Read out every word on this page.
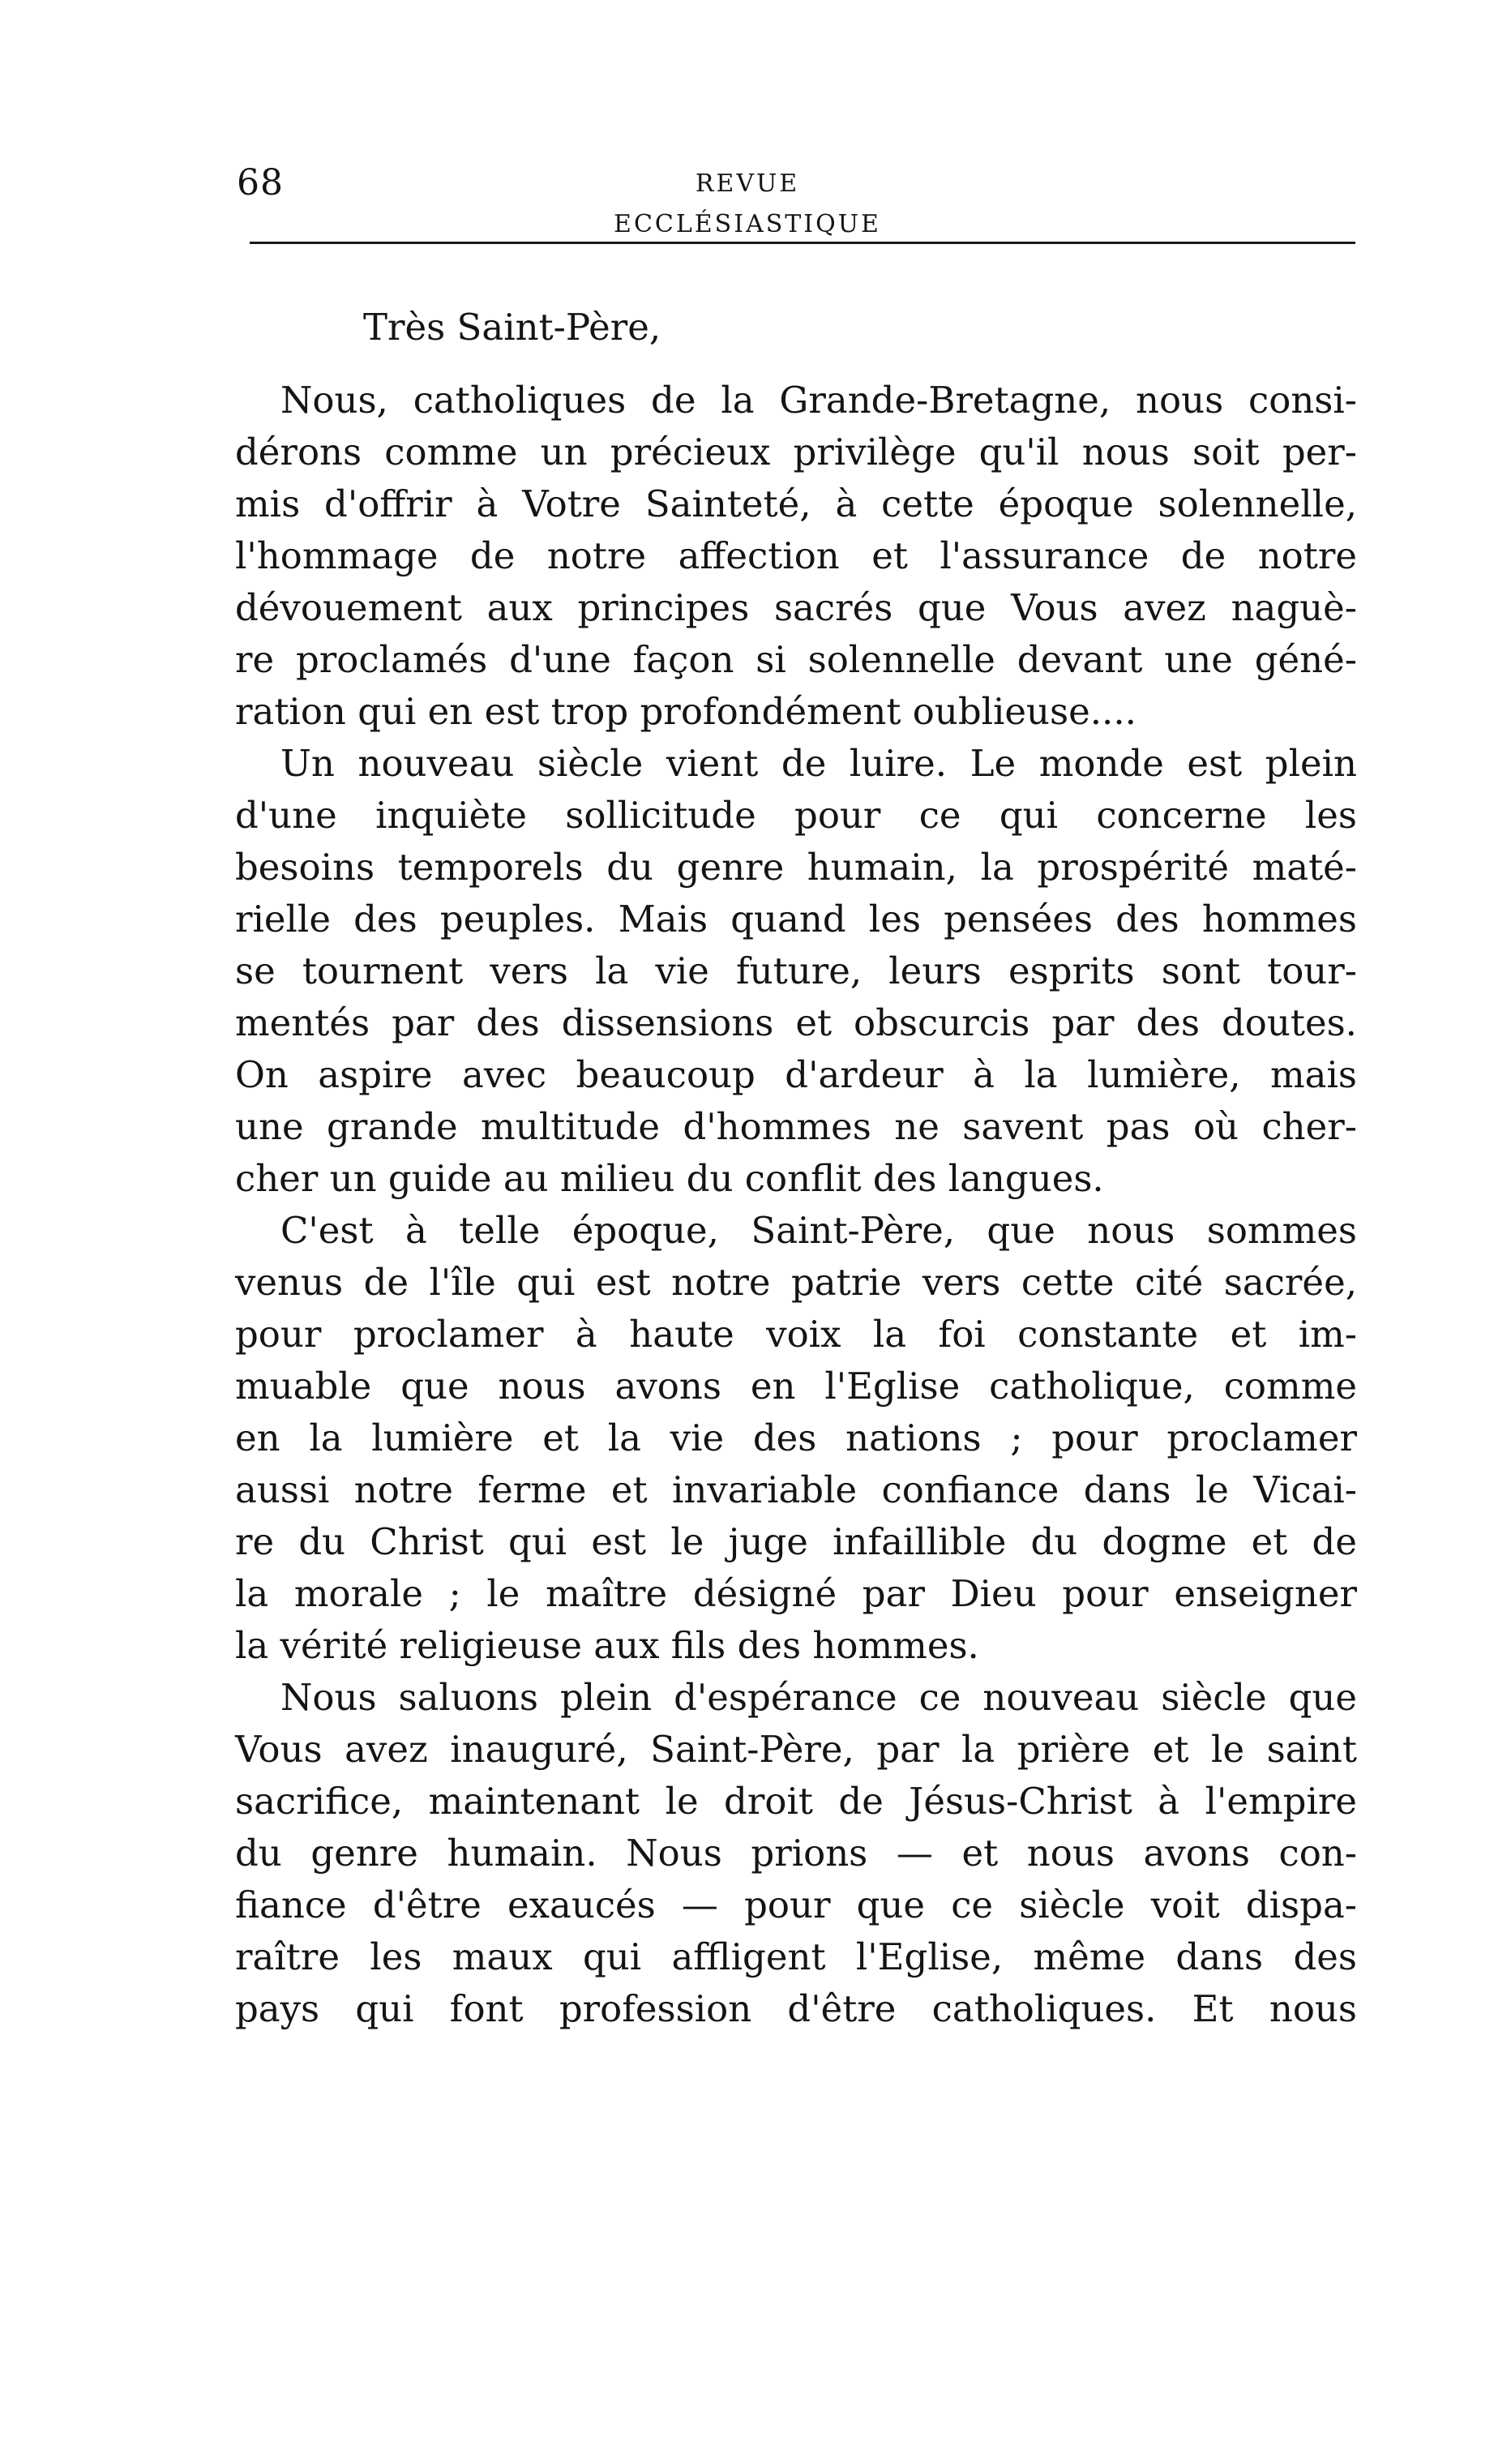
68	REVUE ECCLÉSIASTIQUE
Très Saint-Père,
Nous, catholiques de la Grande-Bretagne, nous consi-
dérons comme un précieux privilège qu'il nous soit per-
mis d'offrir à Votre Sainteté, à cette époque solennelle,
l'hommage de notre affection et l'assurance de notre
dévouement aux principes sacrés que Vous avez naguè-
re proclamés d'une façon si solennelle devant une géné-
ration qui en est trop profondément oublieuse....
Un nouveau siècle vient de luire. Le monde est plein
d'une inquiète sollicitude pour ce qui concerne les
besoins temporels du genre humain, la prospérité maté-
rielle des peuples. Mais quand les pensées des hommes
se tournent vers la vie future, leurs esprits sont tour-
mentés par des dissensions et obscurcis par des doutes.
On aspire avec beaucoup d'ardeur à la lumière, mais
une grande multitude d'hommes ne savent pas où cher-
cher un guide au milieu du conflit des langues.
C'est à telle époque, Saint-Père, que nous sommes
venus de l'île qui est notre patrie vers cette cité sacrée,
pour proclamer à haute voix la foi constante et im-
muable que nous avons en l'Eglise catholique, comme
en la lumière et la vie des nations ; pour proclamer
aussi notre ferme et invariable confiance dans le Vicai-
re du Christ qui est le juge infaillible du dogme et de
la morale ; le maître désigné par Dieu pour enseigner
la vérité religieuse aux fils des hommes.
Nous saluons plein d'espérance ce nouveau siècle que
Vous avez inauguré, Saint-Père, par la prière et le saint
sacrifice, maintenant le droit de Jésus-Christ à l'empire
du genre humain. Nous prions — et nous avons con-
fiance d'être exaucés — pour que ce siècle voit dispa-
raître les maux qui affligent l'Eglise, même dans des
pays qui font profession d'être catholiques. Et nous
